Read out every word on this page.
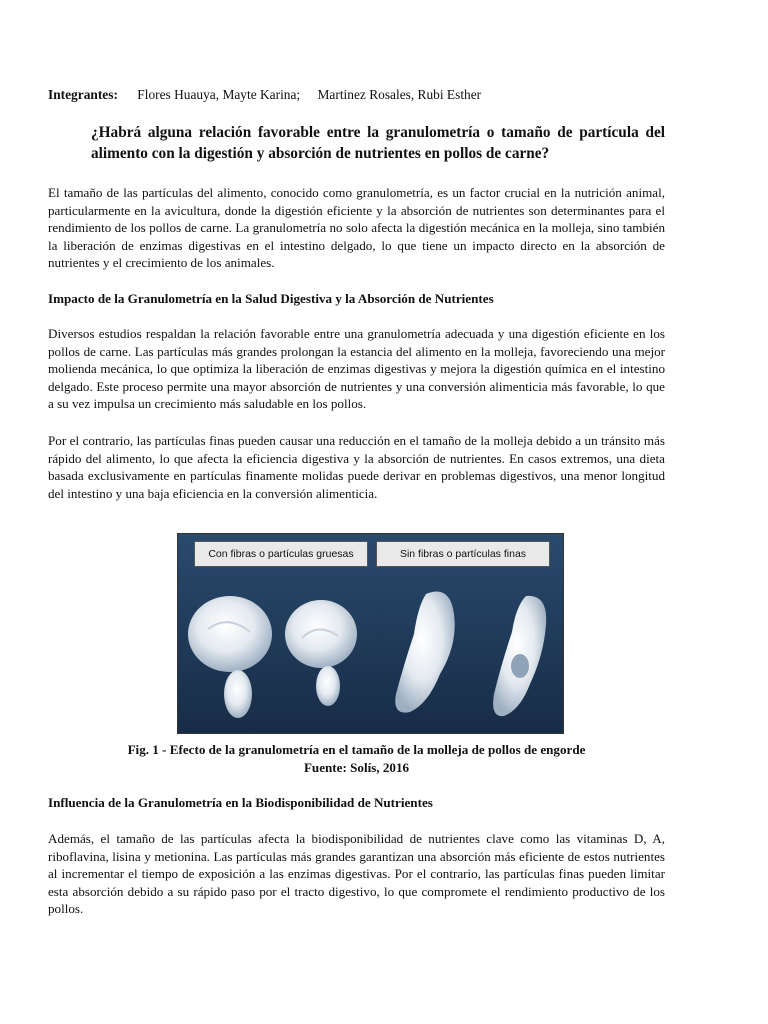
Integrantes: Flores Huauya, Mayte Karina; Martinez Rosales, Rubi Esther
¿Habrá alguna relación favorable entre la granulometría o tamaño de partícula del alimento con la digestión y absorción de nutrientes en pollos de carne?

El tamaño de las partículas del alimento, conocido como granulometría, es un factor crucial en la nutrición animal, particularmente en la avicultura, donde la digestión eficiente y la absorción de nutrientes son determinantes para el rendimiento de los pollos de carne. La granulometría no solo afecta la digestión mecánica en la molleja, sino también la liberación de enzimas digestivas en el intestino delgado, lo que tiene un impacto directo en la absorción de nutrientes y el crecimiento de los animales.

Impacto de la Granulometría en la Salud Digestiva y la Absorción de Nutrientes

Diversos estudios respaldan la relación favorable entre una granulometría adecuada y una digestión eficiente en los pollos de carne. Las partículas más grandes prolongan la estancia del alimento en la molleja, favoreciendo una mejor molienda mecánica, lo que optimiza la liberación de enzimas digestivas y mejora la digestión química en el intestino delgado. Este proceso permite una mayor absorción de nutrientes y una conversión alimenticia más favorable, lo que a su vez impulsa un crecimiento más saludable en los pollos.

Por el contrario, las partículas finas pueden causar una reducción en el tamaño de la molleja debido a un tránsito más rápido del alimento, lo que afecta la eficiencia digestiva y la absorción de nutrientes. En casos extremos, una dieta basada exclusivamente en partículas finamente molidas puede derivar en problemas digestivos, una menor longitud del intestino y una baja eficiencia en la conversión alimenticia.

Con fibras o partículas gruesas	Sin fibras o partículas finas
Fig. 1 - Efecto de la granulometría en el tamaño de la molleja de pollos de engorde
Fuente: Solís, 2016
Influencia de la Granulometría en la Biodisponibilidad de Nutrientes

Además, el tamaño de las partículas afecta la biodisponibilidad de nutrientes clave como las vitaminas D, A, riboflavina, lisina y metionina. Las partículas más grandes garantizan una absorción más eficiente de estos nutrientes al incrementar el tiempo de exposición a las enzimas digestivas. Por el contrario, las partículas finas pueden limitar esta absorción debido a su rápido paso por el tracto digestivo, lo que compromete el rendimiento productivo de los pollos.
